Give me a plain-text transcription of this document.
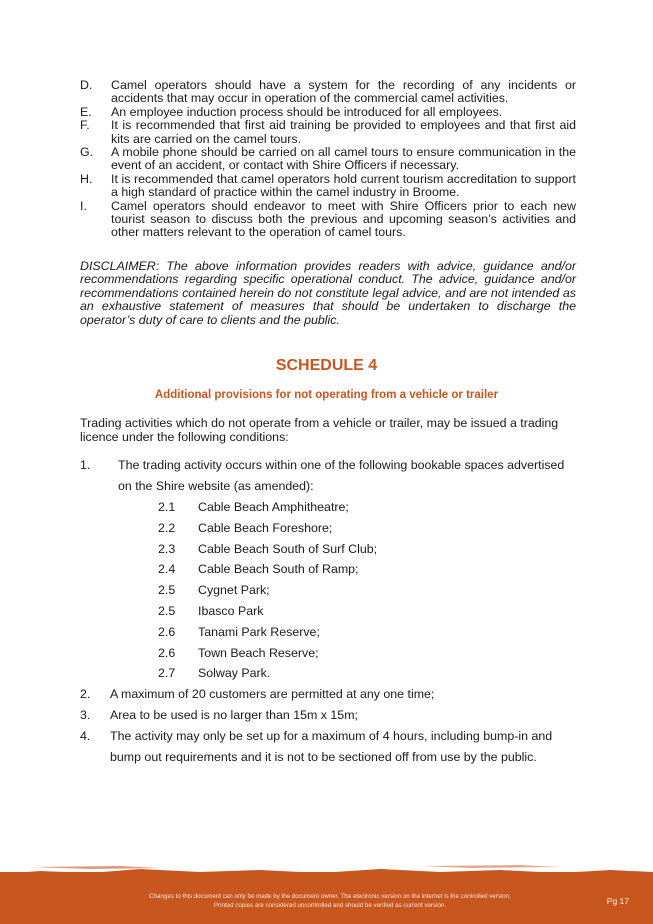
D.	Camel operators should have a system for the recording of any incidents or accidents that may occur in operation of the commercial camel activities.
E.	An employee induction process should be introduced for all employees.
F.	It is recommended that first aid training be provided to employees and that first aid kits are carried on the camel tours.
G.	A mobile phone should be carried on all camel tours to ensure communication in the event of an accident, or contact with Shire Officers if necessary.
H.	It is recommended that camel operators hold current tourism accreditation to support a high standard of practice within the camel industry in Broome.
I.	Camel operators should endeavor to meet with Shire Officers prior to each new tourist season to discuss both the previous and upcoming season’s activities and other matters relevant to the operation of camel tours.

DISCLAIMER: The above information provides readers with advice, guidance and/or recommendations regarding specific operational conduct. The advice, guidance and/or recommendations contained herein do not constitute legal advice, and are not intended as an exhaustive statement of measures that should be undertaken to discharge the operator’s duty of care to clients and the public.

SCHEDULE 4
Additional provisions for not operating from a vehicle or trailer

Trading activities which do not operate from a vehicle or trailer, may be issued a trading licence under the following conditions:

1.	The trading activity occurs within one of the following bookable spaces advertised on the Shire website (as amended):
2.1	Cable Beach Amphitheatre;
2.2	Cable Beach Foreshore;
2.3	Cable Beach South of Surf Club;
2.4	Cable Beach South of Ramp;
2.5	Cygnet Park;
2.5	Ibasco Park
2.6	Tanami Park Reserve;
2.6	Town Beach Reserve;
2.7	Solway Park.
2.	A maximum of 20 customers are permitted at any one time;
3.	Area to be used is no larger than 15m x 15m;
4.	The activity may only be set up for a maximum of 4 hours, including bump-in and bump out requirements and it is not to be sectioned off from use by the public.

Changes to this document can only be made by the document owner. The electronic version on the internet is the controlled version.
Printed copies are considered uncontrolled and should be verified as current version.	Pg 17
